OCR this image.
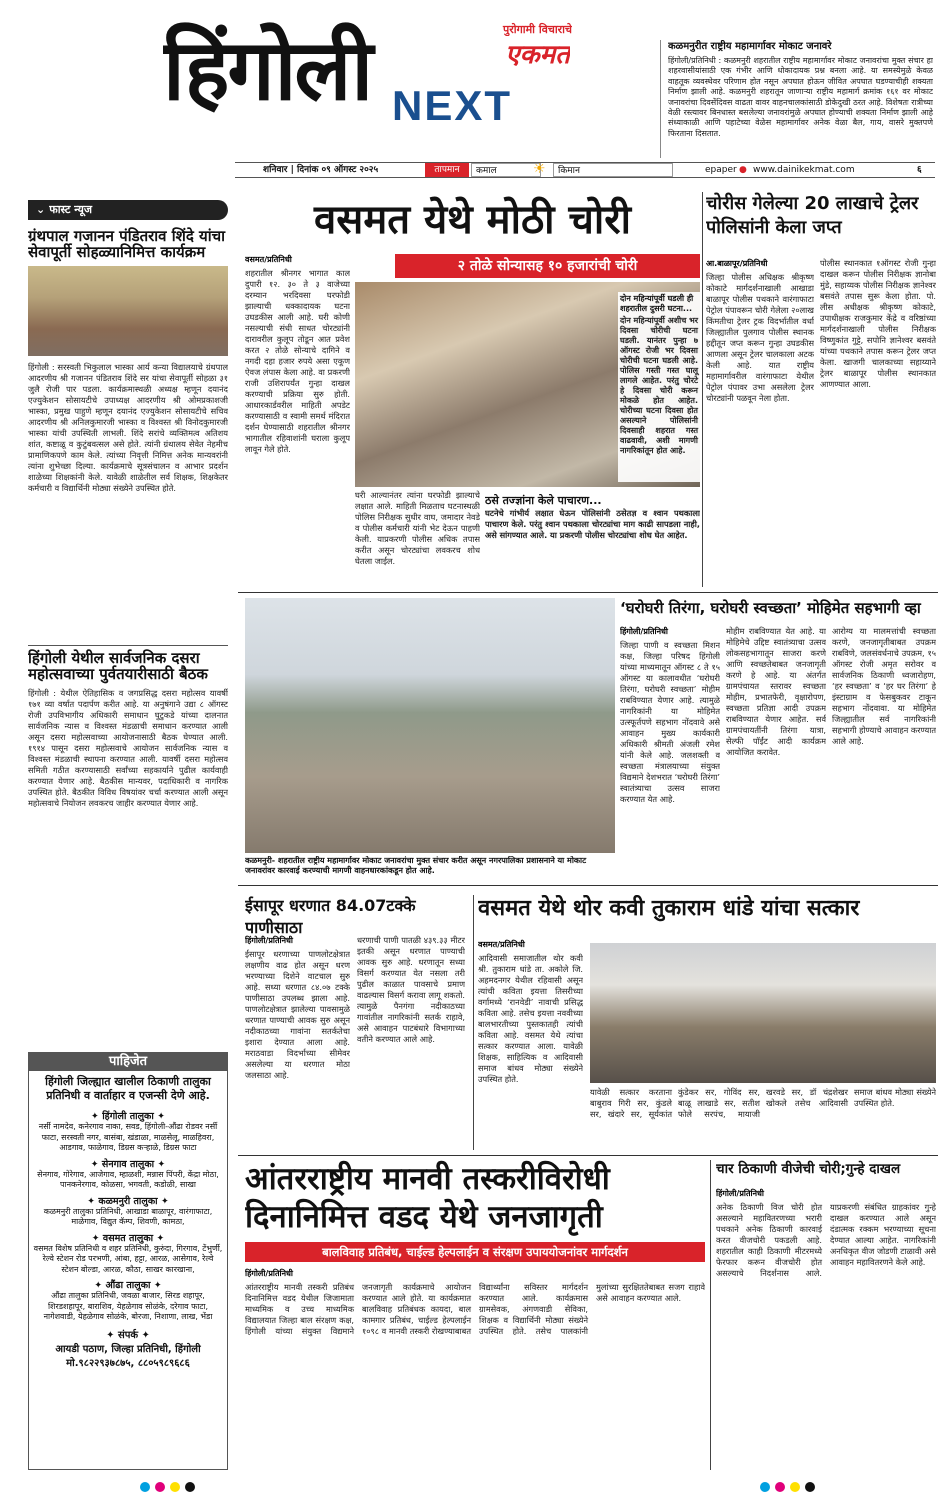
हिंगोली	पुरोगामी विचाराचे
एकमत
NEXT
कळमनुरीत राष्ट्रीय महामार्गावर मोकाट जनावरे
हिंगोली/प्रतिनिधी : कळमनुरी शहरातील राष्ट्रीय महामार्गावर मोकाट जनावरांचा मुक्त संचार हा शहरवासीयांसाठी एक गंभीर आणि धोकादायक प्रश्न बनला आहे. या समस्येमुळे केवळ वाहतूक व्यवस्थेवर परिणाम होत नसून अपघात होऊन जीवित अपघात घडण्याचीही शक्यता निर्माण झाली आहे. कळमनुरी शहरातून जाणाऱ्या राष्ट्रीय महामार्ग क्रमांक १६१ वर मोकाट जनावरांचा दिवसेंदिवस वाढता वावर वाहनचालकांसाठी डोकेदुखी ठरत आहे. विशेषतः रात्रीच्या वेळी रस्त्यावर बिनधास्त बसलेल्या जनावरांमुळे अपघात होण्याची शक्यता निर्माण झाली आहे संध्याकाळी आणि पहाटेच्या वेळेस महामार्गावर अनेक वेळा बैल, गाय, वासरे मुक्तपणे फिरताना दिसतात.
शनिवार | दिनांक ०९ ऑगस्ट २०२५	तापमान	कमाल	☀	किमान	epaper ● www.dainikekmat.com	६
⌄ फास्ट न्यूज
ग्रंथपाल गजानन पंडितराव शिंदे यांचा सेवापूर्ती सोहळ्यानिमित्त कार्यक्रम
हिंगोली : सरस्वती भिकुलाल भास्का आर्य कन्या विद्यालयाचे ग्रंथपाल आदरणीय श्री गजानन पंडितराव शिंदे सर यांचा सेवापूर्ती सोहळा ३१ जुलै रोजी पार पडला. कार्यक्रमास्थळी अध्यक्ष म्हणून दयानंद एज्युकेशन सोसायटीचे उपाध्यक्ष आदरणीय श्री ओमप्रकाशजी भास्का, प्रमुख पाहुणे म्हणून दयानंद एज्युकेशन सोसायटीचे सचिव आदरणीय श्री अनिलकुमारजी भास्का व विश्वस्त श्री विनोदकुमारजी भास्का यांची उपस्थिती लाभली. शिंदे सरांचे व्यक्तिमत्व अतिशय शांत, कष्टाळू व कुटुंबवत्सल असे होते. त्यांनी ग्रंथालय सेवेत नेहमीच प्रामाणिकपणे काम केले. त्यांच्या निवृत्ती निमित्त अनेक मान्यवरांनी त्यांना शुभेच्छा दिल्या. कार्यक्रमाचे सूत्रसंचालन व आभार प्रदर्शन शाळेच्या शिक्षकांनी केले. यावेळी शाळेतील सर्व शिक्षक, शिक्षकेतर कर्मचारी व विद्यार्थिनी मोठ्या संख्येने उपस्थित होते.
हिंगोली येथील सार्वजनिक दसरा महोत्सवाच्या पुर्वतयारीसाठी बैठक
हिंगोली : येथील ऐतिहासिक व जगप्रसिद्ध दसरा महोत्सव यावर्षी १७१ व्या वर्षात पदार्पण करीत आहे. या अनुषंगाने उद्या ८ ऑगस्ट रोजी उपविभागीय अधिकारी समाधान घुटुकडे यांच्या दालनात सार्वजनिक न्यास व विश्वस्त मंडळाची समाधान करण्यात आली असून दसरा महोत्सवाच्या आयोजनासाठी बैठक घेण्यात आली. १९१४ पासून दसरा महोत्सवाचे आयोजन सार्वजनिक न्यास व विश्वस्त मंडळाची स्थापना करण्यात आली. यावर्षी दसरा महोत्सव समिती गठीत करण्यासाठी सर्वांच्या सहकार्याने पुढील कार्यवाही करण्यात येणार आहे. बैठकीस मान्यवर, पदाधिकारी व नागरिक उपस्थित होते. बैठकीत विविध विषयांवर चर्चा करण्यात आली असून महोत्सवाचे नियोजन लवकरच जाहीर करण्यात येणार आहे.
पाहिजेत
हिंगोली जिल्ह्यात खालील ठिकाणी तालुका प्रतिनिधी व वार्ताहार व एजन्सी देणे आहे.
✦ हिंगोली तालुका ✦
नर्सी नामदेव, कनेरगाव नाका, सवड, हिंगोली-औंढा रोडवर नर्सी फाटा, सरस्वती नगर, बासंबा, खंडाळा, माळसेलू, माळहिवरा, आडगाव, फाळेगाव, डिग्रस कऱ्हाळे, डिग्रस फाटा
✦ सेनगाव तालुका ✦
सेनगाव, गोरेगाव, आजेगाव, म्हाळशी, मन्नास पिंपरी, केंद्रा मोठा, पानकनेरगाव, कोळसा, भगवती, कडोळी, साखा
✦ कळमनुरी तालुका ✦
कळमनुरी तालुका प्रतिनिधी, आखाडा बाळापूर, वारंगाफाटा, माळेगाव, विद्युत कॅम्प, शिवणी, कामठा,
✦ वसमत तालुका ✦
वसमत विशेष प्रतिनिधी व शहर प्रतिनिधी, कुरुंदा, गिरगाव, टेंभुर्णी, रेल्वे स्टेशन रोड परभणी, आंबा, हट्टा, आरळ, आसेगाव, रेल्वे स्टेशन बोल्डा, आरळ, कौठा, साखर कारखाना,
✦ औंढा तालुका ✦
औंढा तालुका प्रतिनिधी, जवळा बाजार, सिरड शहापूर, शिरडशहापूर, बाराशिव, येहळेगाव सोळंके, दरेगाव फाटा, नागेशवाडी, येहळेगाव सोळंके, बोरजा, निशाणा, लाख, भेंडा
✦ संपर्क ✦
आयडी पठाण, जिल्हा प्रतिनिधी, हिंगोली
मो.९८२२९३७८७५, ८८०५९८९६८६
वसमत येथे मोठी चोरी
२ तोळे सोन्यासह १० हजारांची चोरी
वसमत/प्रतिनिधी
शहरातील श्रीनगर भागात काल दुपारी १२. ३० ते ३ वाजेच्या दरम्यान भरदिवसा घरफोडी झाल्याची धक्कादायक घटना उघडकीस आली आहे. घरी कोणी नसल्याची संधी साधत चोरट्यांनी दारावरील कुलूप तोडून आत प्रवेश करत २ तोळे सोन्याचे दागिने व नगदी दहा हजार रुपये असा एकूण ऐवज लंपास केला आहे. वा प्रकरणी राजी उशिरापर्यंत गुन्हा दाखल करण्याची प्रक्रिया सुरु होती. आधारकार्डवरील माहिती अपडेट करण्यासाठी व स्वामी समर्थ मंदिरात दर्शन घेण्यासाठी शहरातील श्रीनगर भागातील रहिवाशांनी घराला कुलूप लावून गेले होते.
घरी आल्यानंतर त्यांना घरफोडी झाल्याचे लक्षात आले. माहिती मिळताच घटनास्थळी पोलिस निरीक्षक सुधीर वाघ, जमादार नेवडे व पोलीस कर्मचारी यांनी भेट देऊन पाहणी केली. याप्रकरणी पोलीस अधिक तपास करीत असून चोरट्यांचा लवकरच शोध घेतला जाईल.
दोन महिन्यांपूर्वी घडली ही शहरातील दुसरी घटना...
दोन महिन्यांपूर्वी अशीच भर दिवसा चोरीची घटना घडली. यानंतर पुन्हा ७ ऑगस्ट रोजी भर दिवसा चोरीची घटना घडली आहे. पोलिस गस्ती गस्त घालू लागले आहेत. परंतु चोरटे हे दिवसा चोरी करून मोकळे होत आहेत. चोरीच्या घटना दिवसा होत असल्याने पोलिसांनी दिवसाही शहरात गस्त वाढवावी, अशी मागणी नागरिकांतून होत आहे.
ठसे तज्ज्ञांना केले पाचारण...
घटनेचे गांभीर्य लक्षात घेऊन पोलिसांनी ठसेतज्ञ व श्वान पथकाला पाचारण केले. परंतु श्वान पथकाला चोरट्यांचा माग काढी सापडला नाही, असे सांगण्यात आले. या प्रकरणी पोलीस चोरट्यांचा शोध घेत आहेत.
चोरीस गेलेल्या 20 लाखाचे ट्रेलर पोलिसांनी केला जप्त
आ.बाळापूर/प्रतिनिधी
जिल्हा पोलीस अधिक्षक श्रीकृष्ण कोकाटे मार्गदर्शनाखाली आखाडा बाळापूर पोलीस पथकाने वारंगाफाटा पेट्रोल पंपावरून चोरी गेलेला २०लाख किंमतीचा ट्रेलर ट्रक विदर्भातील वर्धा जिल्ह्यातील पुलगाव पोलीस स्थानक हद्दीतून जप्त करून गुन्हा उघडकीस आणला असून ट्रेलर चालकाला अटक केली आहे. यात राष्ट्रीय महामार्गावरील वारंगाफाटा येथील पेट्रोल पंपावर उभा असलेला ट्रेलर चोरट्यांनी पळवून नेला होता.
पोलीस स्थानकात १ऑगस्ट रोजी गुन्हा दाखल करून पोलीस निरीक्षक ज्ञानोबा मुंडे, सहाय्यक पोलीस निरीक्षक ज्ञानेश्वर बसवंते तपास सुरू केला होता. पो. लीस अधीक्षक श्रीकृष्ण कोकाटे, उपाधीक्षक राजकुमार केंद्रे व वरिष्ठांच्या मार्गदर्शनाखाली पोलीस निरीक्षक विष्णुकांत गुट्टे, सपोनि ज्ञानेश्वर बसवंते यांच्या पथकाने तपास करून ट्रेलर जप्त केला. खाजगी चालकाच्या सहाय्याने ट्रेलर बाळापूर पोलीस स्थानकात आणण्यात आला.
कळमनुरी- शहरातील राष्ट्रीय महामार्गावर मोकाट जनावरांचा मुक्त संचार करीत असून नगरपालिका प्रशासनाने या मोकाट जनावरांवर कारवाई करण्याची मागणी वाहनधारकांकडून होत आहे.
‘घरोघरी तिरंगा, घरोघरी स्वच्छता’ मोहिमेत सहभागी व्हा
हिंगोली/प्रतिनिधी
जिल्हा पाणी व स्वच्छता मिशन कक्ष, जिल्हा परिषद हिंगोली यांच्या माध्यमातून ऑगस्ट ८ ते १५ ऑगस्ट या कालावधीत ‘घरोघरी तिरंगा, घरोघरी स्वच्छता’ मोहीम राबविण्यात येणार आहे. त्यामुळे नागरिकांनी या मोहिमेत उत्स्फूर्तपणे सहभाग नोंदवावे असे आवाहन मुख्य कार्यकारी अधिकारी श्रीमती अंजली रमेश यांनी केले आहे. जलशक्ती व स्वच्छता मंत्रालयाच्या संयुक्त विद्यमाने देशभरात ‘घरोघरी तिरंगा’ स्वातंत्र्याचा उत्सव साजरा करण्यात येत आहे.
मोहीम राबविण्यात येत आहे. या मोहिमेचे उद्दिष्ट स्वातंत्र्याचा उत्सव लोकसहभागातून साजरा करणे आणि स्वच्छतेबाबत जनजागृती करणे हे आहे. या अंतर्गत ग्रामपंचायत स्तरावर स्वच्छता मोहीम, प्रभातफेरी, वृक्षारोपण, स्वच्छता प्रतिज्ञा आदी उपक्रम राबविण्यात येणार आहेत. सर्व ग्रामपंचायतींनी तिरंगा यात्रा, सेल्फी पॉईंट आदी कार्यक्रम आयोजित करावेत.
आरोग्य या मालमत्तांची स्वच्छता करणे, जनजागृतीबाबत उपक्रम राबविणे, जलसंवर्धनाचे उपक्रम, १५ ऑगस्ट रोजी अमृत सरोवर व सार्वजनिक ठिकाणी ध्वजारोहण, ‘हर स्वच्छता’ व ‘हर घर तिरंगा’ हे इंस्टाग्राम व फेसबुकवर टाकून सहभाग नोंदवावा. या मोहिमेत जिल्ह्यातील सर्व नागरिकांनी सहभागी होण्याचे आवाहन करण्यात आले आहे.
ईसापूर धरणात 84.07टक्के पाणीसाठा
हिंगोली/प्रतिनिधी
ईसापूर धरणाच्या पाणलोटक्षेत्रात लक्षणीय वाढ होत असून धरण भरण्याच्या दिशेने वाटचाल सुरु आहे. सध्या धरणात ८४.०७ टक्के पाणीसाठा उपलब्ध झाला आहे. पाणलोटक्षेत्रात झालेल्या पावसामुळे धरणात पाण्याची आवक सुरु असून नदीकाठच्या गावांना सतर्कतेचा इशारा देण्यात आला आहे. मराठवाडा विदर्भाच्या सीमेवर असलेल्या या धरणात मोठा जलसाठा आहे.
धरणाची पाणी पातळी ४३९.३३ मीटर इतकी असून धरणात पाण्याची आवक सुरु आहे. धरणातून सध्या विसर्ग करण्यात येत नसला तरी पुढील काळात पावसाचे प्रमाण वाढल्यास विसर्ग करावा लागू शकतो. त्यामुळे पैनगंगा नदीकाठच्या गावांतील नागरिकांनी सतर्क राहावे, असे आवाहन पाटबंधारे विभागाच्या वतीने करण्यात आले आहे.
वसमत येथे थोर कवी तुकाराम धांडे यांचा सत्कार
वसमत/प्रतिनिधी
आदिवासी समाजातील थोर कवी श्री. तुकाराम धांडे ता. अकोले जि. अहमदनगर येथील रहिवासी असून त्यांची कविता इयत्ता तिसरीच्या वर्गामध्ये ‘रानवेडी’ नावाची प्रसिद्ध कविता आहे. तसेच इयत्ता नववीच्या बालभारतीच्या पुस्तकातही त्यांची कविता आहे. वसमत येथे त्यांचा सत्कार करण्यात आला. यावेळी शिक्षक, साहित्यिक व आदिवासी समाज बांधव मोठ्या संख्येने उपस्थित होते.
यावेळी सत्कार करताना बाबुराव गिरी सर, कुंडले सर, खंदारे सर, सूर्यकांत कुंडेकर सर, गोविंद सर, बाळू लाखाडे सर, सतीश फोले सरपंच, मायाजी खरवडे सर, डॉ चंद्रशेखर खोकले तसेच आदिवासी समाज बांधव मोठ्या संख्येने उपस्थित होते.
आंतरराष्ट्रीय मानवी तस्करीविरोधी दिनानिमित्त वडद येथे जनजागृती
बालविवाह प्रतिबंध, चाईल्ड हेल्पलाईन व संरक्षण उपाययोजनांवर मार्गदर्शन
हिंगोली/प्रतिनिधी
आंतरराष्ट्रीय मानवी तस्करी प्रतिबंध दिनानिमित्त वडद येथील जिजामाता माध्यमिक व उच्च माध्यमिक विद्यालयात जिल्हा बाल संरक्षण कक्ष, हिंगोली यांच्या संयुक्त विद्यमाने जनजागृती कार्यक्रमाचे आयोजन करण्यात आले होते. या कार्यक्रमात बालविवाह प्रतिबंधक कायदा, बाल कामगार प्रतिबंध, चाईल्ड हेल्पलाईन १०९८ व मानवी तस्करी रोखण्याबाबत विद्यार्थ्यांना सविस्तर मार्गदर्शन करण्यात आले. कार्यक्रमास ग्रामसेवक, अंगणवाडी सेविका, शिक्षक व विद्यार्थिनी मोठ्या संख्येने उपस्थित होते. तसेच पालकांनी मुलांच्या सुरक्षिततेबाबत सजग राहावे असे आवाहन करण्यात आले.
चार ठिकाणी वीजेची चोरी;गुन्हे दाखल
हिंगोली/प्रतिनिधी
अनेक ठिकाणी विज चोरी होत असल्याने महावितरणच्या भरारी पथकाने अनेक ठिकाणी कारवाई करत वीजचोरी पकडली आहे. शहरातील काही ठिकाणी मीटरमध्ये फेरफार करून वीजचोरी होत असल्याचे निदर्शनास आले. याप्रकरणी संबंधित ग्राहकांवर गुन्हे दाखल करण्यात आले असून दंडात्मक रक्कम भरण्याच्या सूचना देण्यात आल्या आहेत. नागरिकांनी अनधिकृत वीज जोडणी टाळावी असे आवाहन महावितरणने केले आहे.
